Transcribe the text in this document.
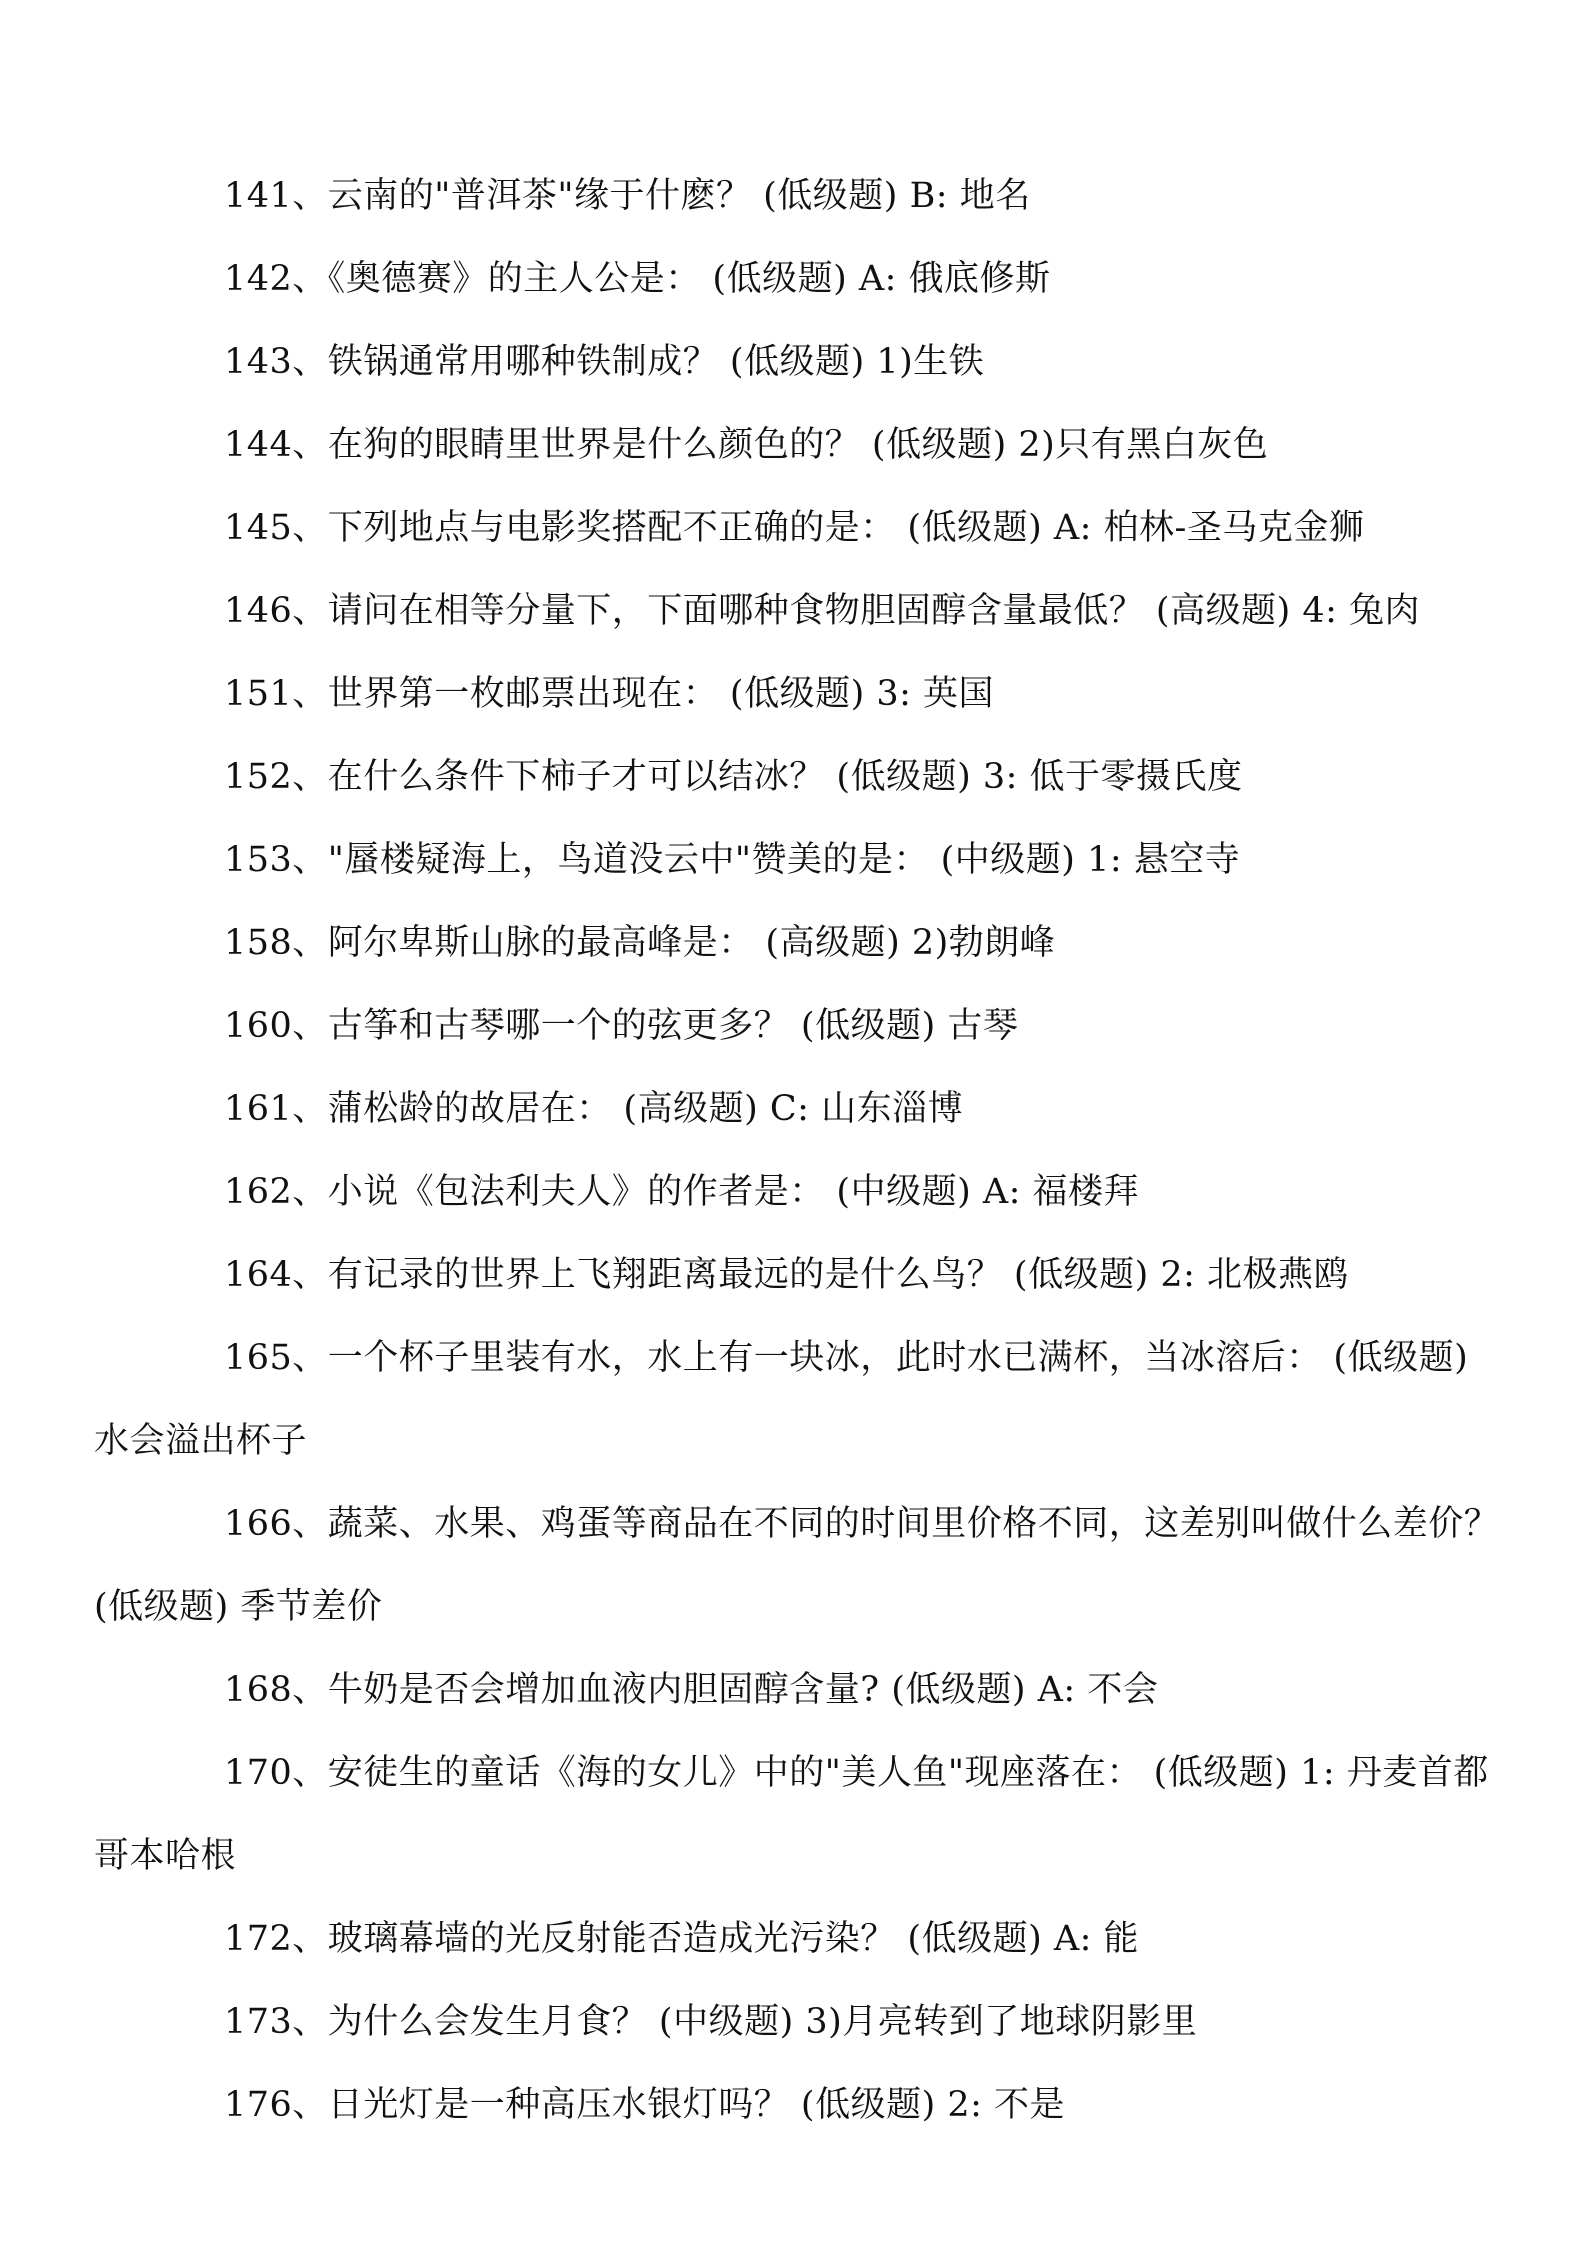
141、云南的"普洱茶"缘于什麽？ (低级题) B: 地名

142、《奥德赛》的主人公是： (低级题) A: 俄底修斯

143、铁锅通常用哪种铁制成？ (低级题) 1)生铁

144、在狗的眼睛里世界是什么颜色的？ (低级题) 2)只有黑白灰色

145、下列地点与电影奖搭配不正确的是： (低级题) A: 柏林-圣马克金狮

146、请问在相等分量下，下面哪种食物胆固醇含量最低？ (高级题) 4: 兔肉

151、世界第一枚邮票出现在： (低级题) 3: 英国

152、在什么条件下柿子才可以结冰？ (低级题) 3: 低于零摄氏度

153、"蜃楼疑海上，鸟道没云中"赞美的是： (中级题) 1: 悬空寺

158、阿尔卑斯山脉的最高峰是： (高级题) 2)勃朗峰

160、古筝和古琴哪一个的弦更多？ (低级题) 古琴

161、蒲松龄的故居在： (高级题) C: 山东淄博

162、小说《包法利夫人》的作者是： (中级题) A: 福楼拜

164、有记录的世界上飞翔距离最远的是什么鸟？ (低级题) 2: 北极燕鸥

165、一个杯子里装有水，水上有一块冰，此时水已满杯，当冰溶后： (低级题) 水会溢出杯子

166、蔬菜、水果、鸡蛋等商品在不同的时间里价格不同，这差别叫做什么差价？ (低级题) 季节差价

168、牛奶是否会增加血液内胆固醇含量? (低级题) A: 不会

170、安徒生的童话《海的女儿》中的"美人鱼"现座落在： (低级题) 1: 丹麦首都哥本哈根

172、玻璃幕墙的光反射能否造成光污染？ (低级题) A: 能

173、为什么会发生月食？ (中级题) 3)月亮转到了地球阴影里

176、日光灯是一种高压水银灯吗？ (低级题) 2: 不是
